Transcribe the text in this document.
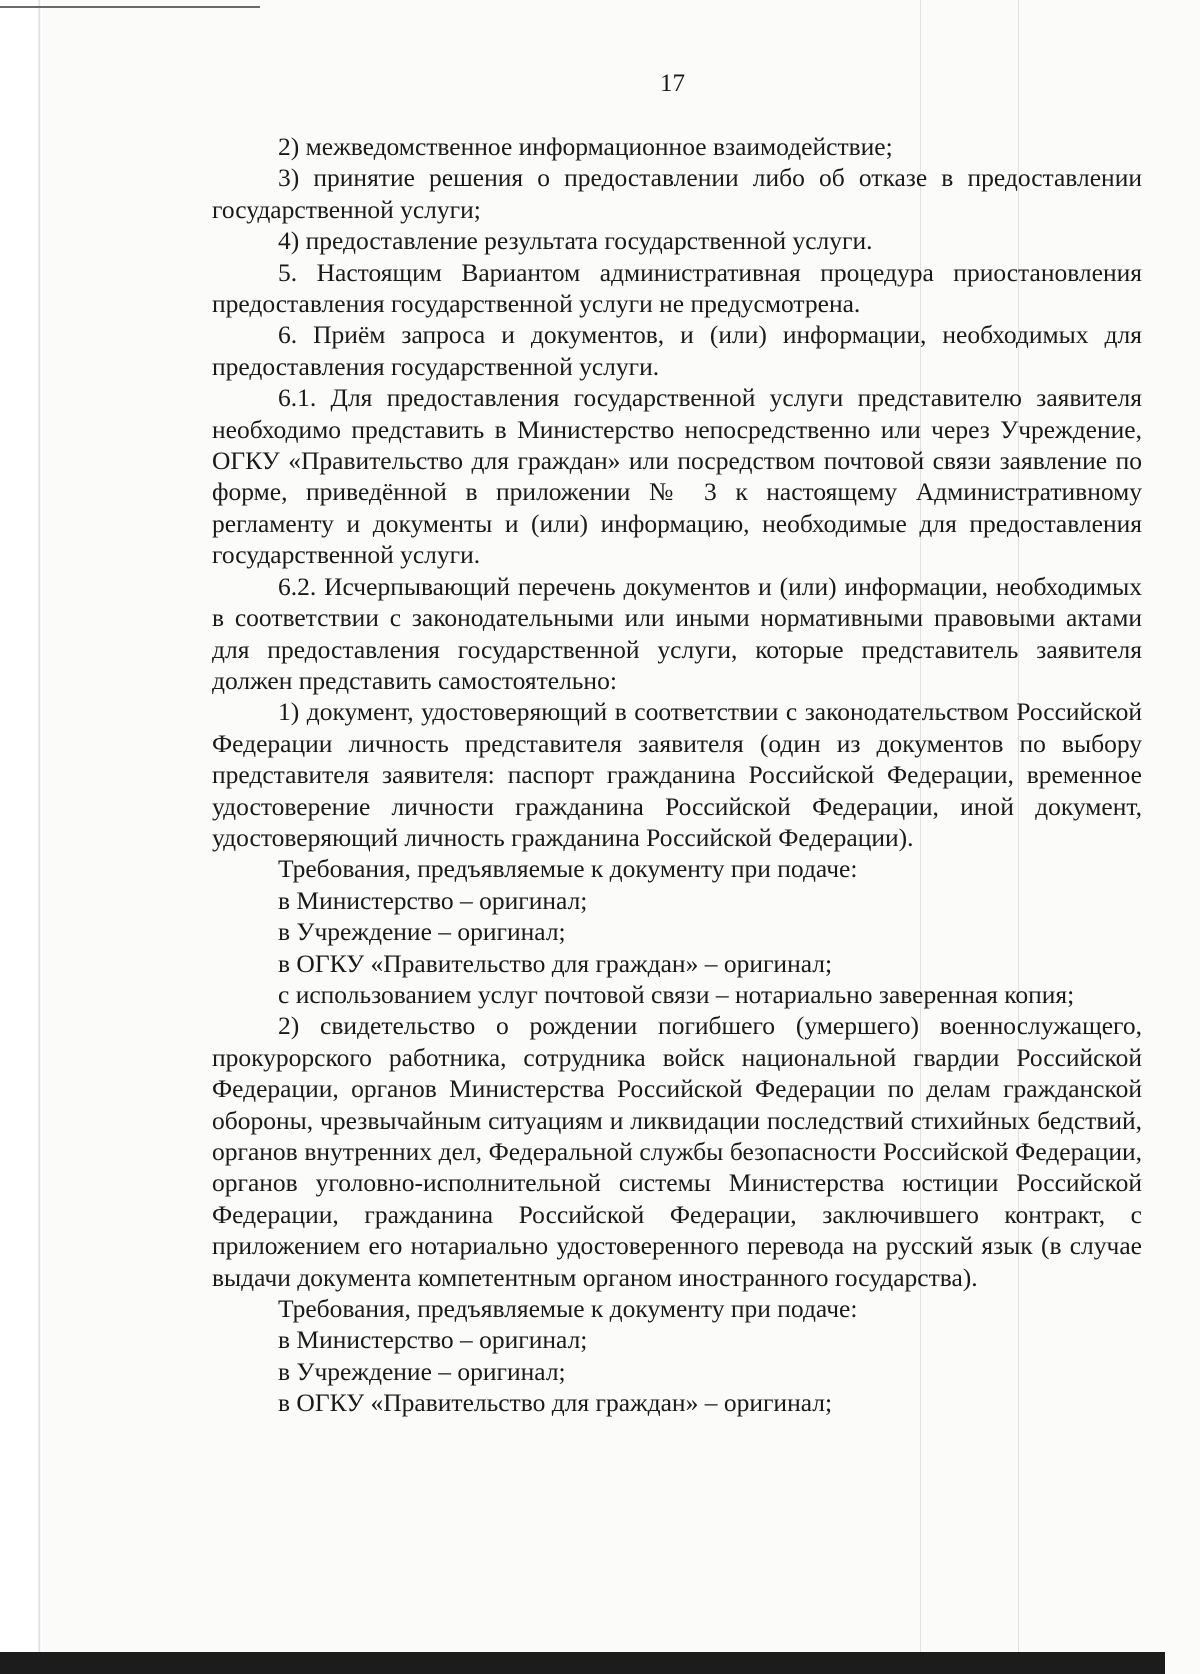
17

2) межведомственное информационное взаимодействие;

3) принятие решения о предоставлении либо об отказе в предоставлении государственной услуги;

4) предоставление результата государственной услуги.

5. Настоящим Вариантом административная процедура приостановления предоставления государственной услуги не предусмотрена.

6. Приём запроса и документов, и (или) информации, необходимых для предоставления государственной услуги.

6.1. Для предоставления государственной услуги представителю заявителя необходимо представить в Министерство непосредственно или через Учреждение, ОГКУ «Правительство для граждан» или посредством почтовой связи заявление по форме, приведённой в приложении № 3 к настоящему Административному регламенту и документы и (или) информацию, необходимые для предоставления государственной услуги.

6.2. Исчерпывающий перечень документов и (или) информации, необходимых в соответствии с законодательными или иными нормативными правовыми актами для предоставления государственной услуги, которые представитель заявителя должен представить самостоятельно:

1) документ, удостоверяющий в соответствии с законодательством Российской Федерации личность представителя заявителя (один из документов по выбору представителя заявителя: паспорт гражданина Российской Федерации, временное удостоверение личности гражданина Российской Федерации, иной документ, удостоверяющий личность гражданина Российской Федерации).

Требования, предъявляемые к документу при подаче:

в Министерство – оригинал;

в Учреждение – оригинал;

в ОГКУ «Правительство для граждан» – оригинал;

с использованием услуг почтовой связи – нотариально заверенная копия;

2) свидетельство о рождении погибшего (умершего) военнослужащего, прокурорского работника, сотрудника войск национальной гвардии Российской Федерации, органов Министерства Российской Федерации по делам гражданской обороны, чрезвычайным ситуациям и ликвидации последствий стихийных бедствий, органов внутренних дел, Федеральной службы безопасности Российской Федерации, органов уголовно-исполнительной системы Министерства юстиции Российской Федерации, гражданина Российской Федерации, заключившего контракт, с приложением его нотариально удостоверенного перевода на русский язык (в случае выдачи документа компетентным органом иностранного государства).

Требования, предъявляемые к документу при подаче:

в Министерство – оригинал;

в Учреждение – оригинал;

в ОГКУ «Правительство для граждан» – оригинал;
